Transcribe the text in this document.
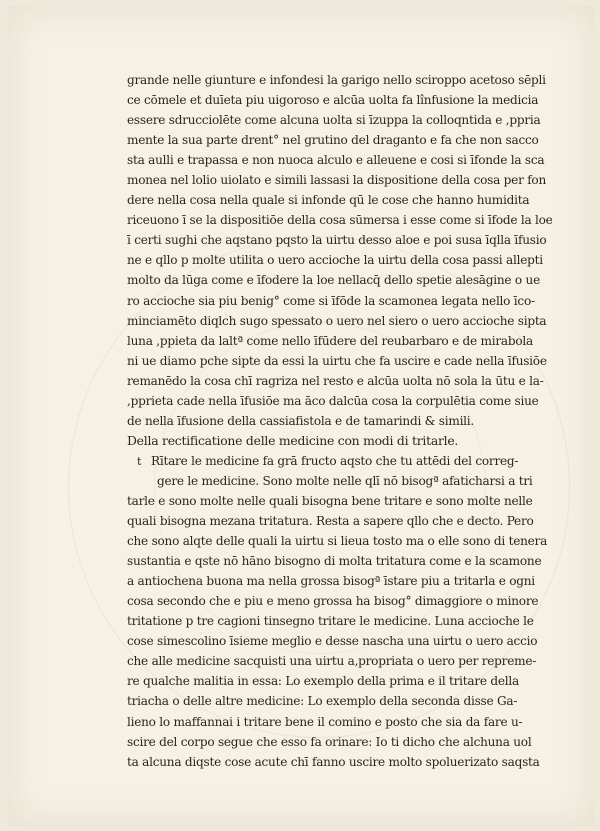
grande nelle giunture e infondesi la garigo nello sciroppo acetoso sēpli
ce cōmele et duīeta piu uigoroso e alcūa uolta fa lînfusione la medicia
essere sdrucciolēte come alcuna uolta si īzuppa la colloqntida e ,ppria
mente la sua parte drent° nel grutino del draganto e fa che non sacco
sta aulli e trapassa e non nuoca alculo e alleuene e cosi si īfonde la sca
monea nel lolio uiolato e simili lassasi la dispositione della cosa per fon
dere nella cosa nella quale si infonde qū le cose che hanno humidita
riceuono ī se la dispositiōe della cosa sūmersa i esse come si īfode la loe
ī certi sughi che aqstano pqsto la uirtu desso aloe e poi susa īqlla īfusio
ne e qllo p molte utilita o uero accioche la uirtu della cosa passi allepti
molto da lūga come e īfodere la loe nellacq̄ dello spetie alesāgine o ue
ro accioche sia piu benig° come si īfōde la scamonea legata nello īco-
minciamēto diqlch sugo spessato o uero nel siero o uero accioche sipta
luna ,ppieta da laltª come nello īfūdere del reubarbaro e de mirabola
ni ue diamo pche sipte da essi la uirtu che fa uscire e cade nella īfusiōe
remanēdo la cosa chī ragriza nel resto e alcūa uolta nō sola la ūtu e la-
,pprieta cade nella īfusiōe ma āco dalcūa cosa la corpulētia come siue
de nella īfusione della cassiafistola e de tamarindi & simili.
Della rectificatione delle medicine con modi di tritarle.
t Rītare le medicine fa grā fructo aqsto che tu attēdi del correg-
gere le medicine. Sono molte nelle qlī nō bisogª afaticharsi a tri
tarle e sono molte nelle quali bisogna bene tritare e sono molte nelle
quali bisogna mezana tritatura. Resta a sapere qllo che e decto. Pero
che sono alqte delle quali la uirtu si lieua tosto ma o elle sono di tenera
sustantia e qste nō hāno bisogno di molta tritatura come e la scamone
a antiochena buona ma nella grossa bisogª īstare piu a tritarla e ogni
cosa secondo che e piu e meno grossa ha bisog° dimaggiore o minore
tritatione p tre cagioni tinsegno tritare le medicine. Luna accioche le
cose simescolino īsieme meglio e desse nascha una uirtu o uero accio
che alle medicine sacquisti una uirtu a,propriata o uero per repreme-
re qualche malitia in essa: Lo exemplo della prima e il tritare della
triacha o delle altre medicine: Lo exemplo della seconda disse Ga-
lieno lo maffannai i tritare bene il comino e posto che sia da fare u-
scire del corpo segue che esso fa orinare: Io ti dicho che alchuna uol
ta alcuna diqste cose acute chī fanno uscire molto spoluerizato saqsta
